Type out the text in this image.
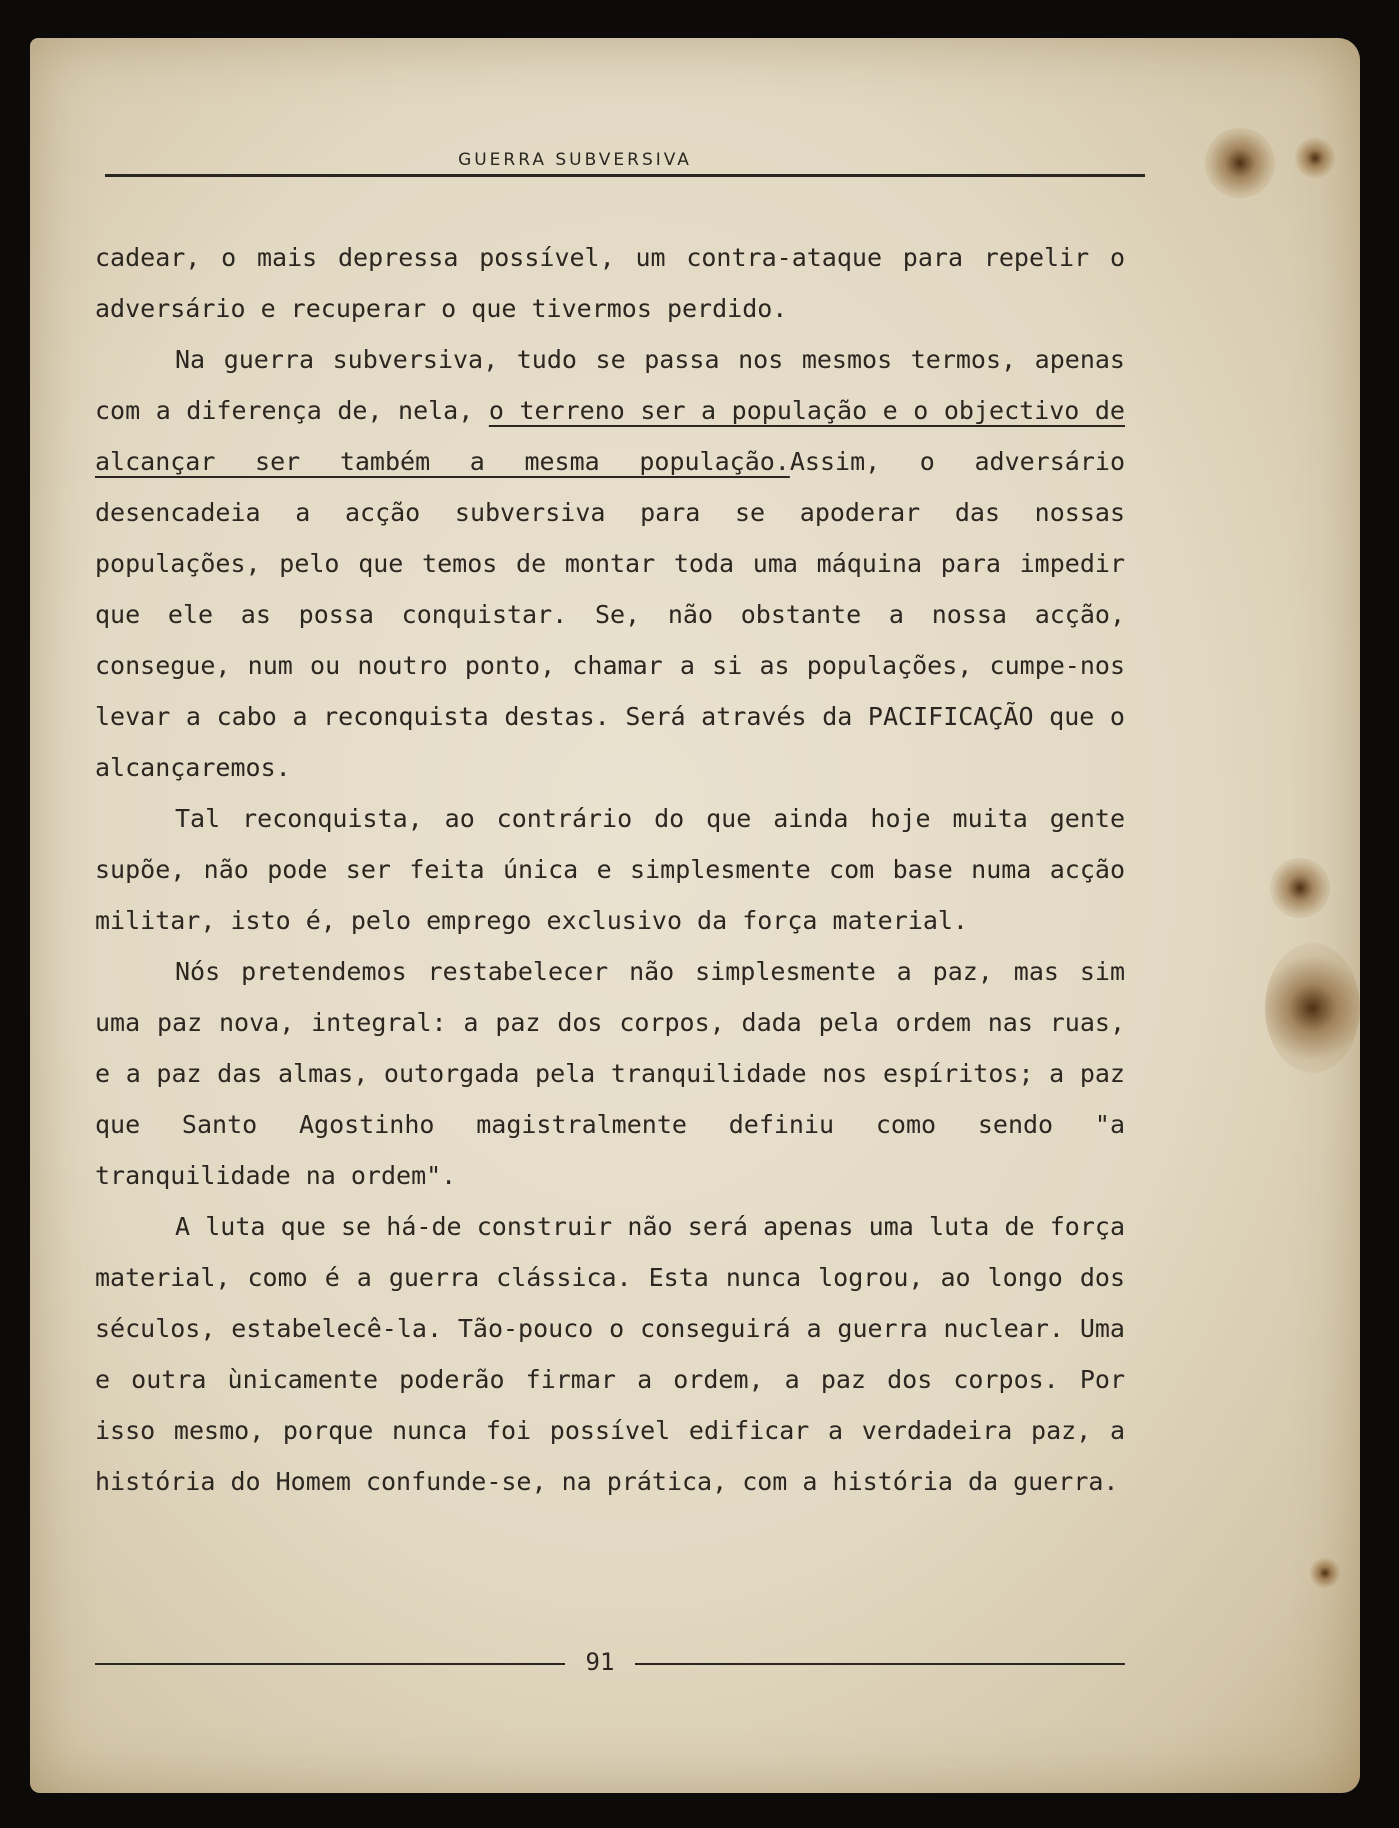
GUERRA SUBVERSIVA

cadear, o mais depressa possível, um contra-ataque para repelir o adversário e recuperar o que tivermos perdido.

Na guerra subversiva, tudo se passa nos mesmos termos, apenas com a diferença de, nela, o terreno ser a população e o objectivo de alcançar ser também a mesma população.Assim, o adversário desencadeia a acção subversiva para se apoderar das nossas populações, pelo que temos de montar toda uma máquina para impedir que ele as possa conquistar. Se, não obstante a nossa acção, consegue, num ou noutro ponto, chamar a si as populações, cumpe-nos levar a cabo a reconquista destas. Será através da PACIFICAÇÃO que o alcançaremos.

Tal reconquista, ao contrário do que ainda hoje muita gente supõe, não pode ser feita única e simplesmente com base numa acção militar, isto é, pelo emprego exclusivo da força material.

Nós pretendemos restabelecer não simplesmente a paz, mas sim uma paz nova, integral: a paz dos corpos, dada pela ordem nas ruas, e a paz das almas, outorgada pela tranquilidade nos espíritos; a paz que Santo Agostinho magistralmente definiu como sendo "a tranquilidade na ordem".

A luta que se há-de construir não será apenas uma luta de força material, como é a guerra clássica. Esta nunca logrou, ao longo dos séculos, estabelecê-la. Tão-pouco o conseguirá a guerra nuclear. Uma e outra ùnicamente poderão firmar a ordem, a paz dos corpos. Por isso mesmo, porque nunca foi possível edificar a verdadeira paz, a história do Homem confunde-se, na prática, com a história da guerra.

91
